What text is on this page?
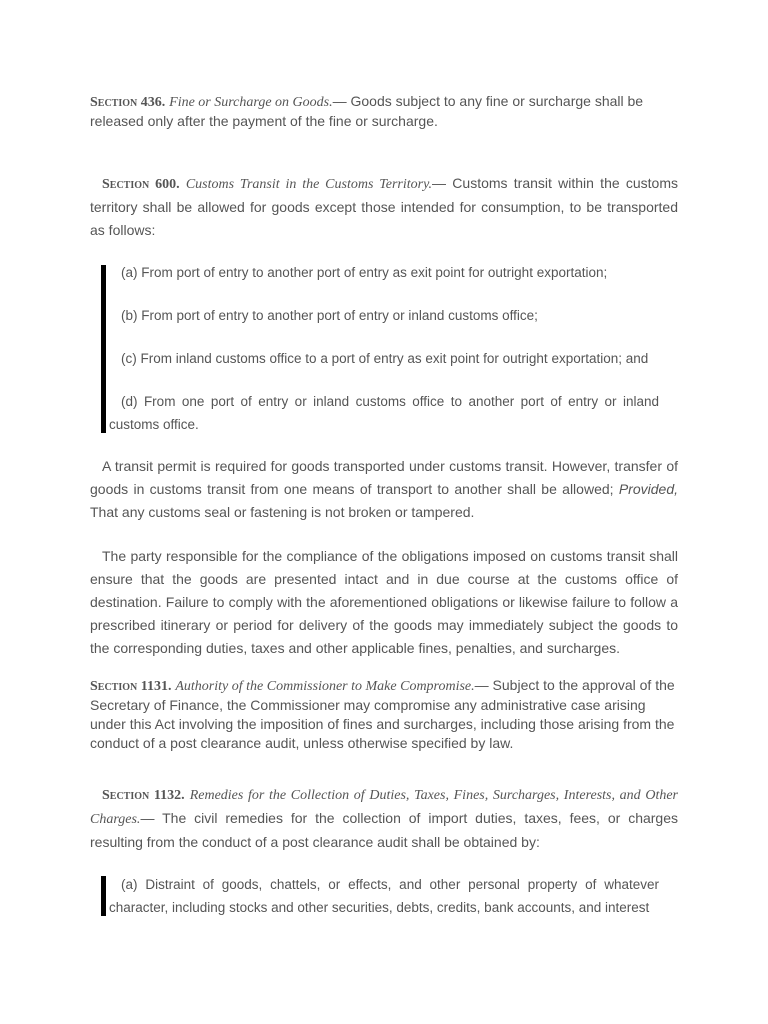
Section 436. Fine or Surcharge on Goods.— Goods subject to any fine or surcharge shall be released only after the payment of the fine or surcharge.
Section 600. Customs Transit in the Customs Territory.— Customs transit within the customs territory shall be allowed for goods except those intended for consumption, to be transported as follows:
(a) From port of entry to another port of entry as exit point for outright exportation;
(b) From port of entry to another port of entry or inland customs office;
(c) From inland customs office to a port of entry as exit point for outright exportation; and
(d) From one port of entry or inland customs office to another port of entry or inland customs office.
A transit permit is required for goods transported under customs transit. However, transfer of goods in customs transit from one means of transport to another shall be allowed; Provided, That any customs seal or fastening is not broken or tampered.
The party responsible for the compliance of the obligations imposed on customs transit shall ensure that the goods are presented intact and in due course at the customs office of destination. Failure to comply with the aforementioned obligations or likewise failure to follow a prescribed itinerary or period for delivery of the goods may immediately subject the goods to the corresponding duties, taxes and other applicable fines, penalties, and surcharges.
Section 1131. Authority of the Commissioner to Make Compromise.— Subject to the approval of the Secretary of Finance, the Commissioner may compromise any administrative case arising under this Act involving the imposition of fines and surcharges, including those arising from the conduct of a post clearance audit, unless otherwise specified by law.
Section 1132. Remedies for the Collection of Duties, Taxes, Fines, Surcharges, Interests, and Other Charges.— The civil remedies for the collection of import duties, taxes, fees, or charges resulting from the conduct of a post clearance audit shall be obtained by:
(a) Distraint of goods, chattels, or effects, and other personal property of whatever character, including stocks and other securities, debts, credits, bank accounts, and interest
